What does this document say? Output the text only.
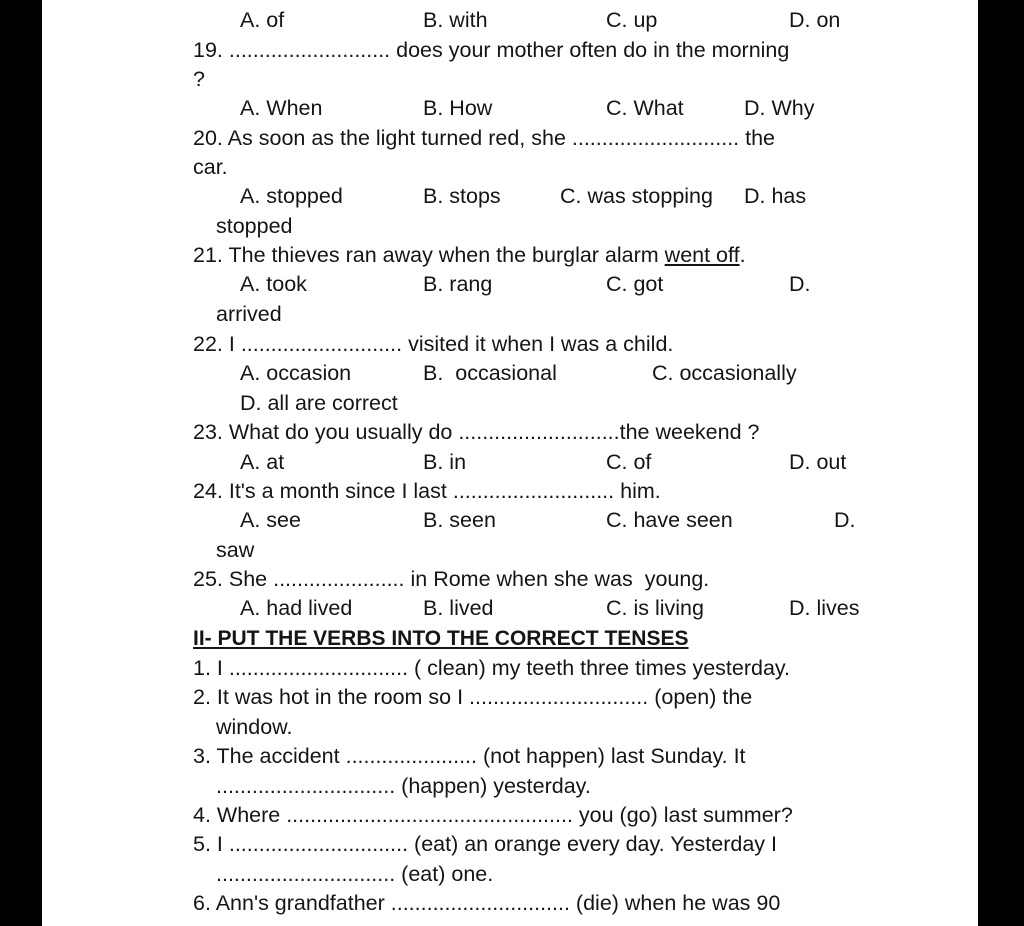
A. of	B. with	C. up	D. on
19. ........................... does your mother often do in the morning
?
A. When	B. How	C. What	D. Why
20. As soon as the light turned red, she ............................ the
car.
A. stopped	B. stops	C. was stopping D. has
stopped
21. The thieves ran away when the burglar alarm went off.
A. took	B. rang	C. got	D.
arrived
22. I ........................... visited it when I was a child.
A. occasion	B.  occasional	C. occasionally
D. all are correct
23. What do you usually do ...........................the weekend ?
A. at	B. in	C. of	D. out
24. It's a month since I last ........................... him.
A. see	B. seen	C. have seen	D.
saw
25. She ...................... in Rome when she was  young.
A. had lived	B. lived	C. is living	D. lives
II- PUT THE VERBS INTO THE CORRECT TENSES
1. I .............................. ( clean) my teeth three times yesterday.
2. It was hot in the room so I .............................. (open) the
window.
3. The accident ...................... (not happen) last Sunday. It
.............................. (happen) yesterday.
4. Where ................................................ you (go) last summer?
5. I .............................. (eat) an orange every day. Yesterday I
.............................. (eat) one.
6. Ann's grandfather .............................. (die) when he was 90
